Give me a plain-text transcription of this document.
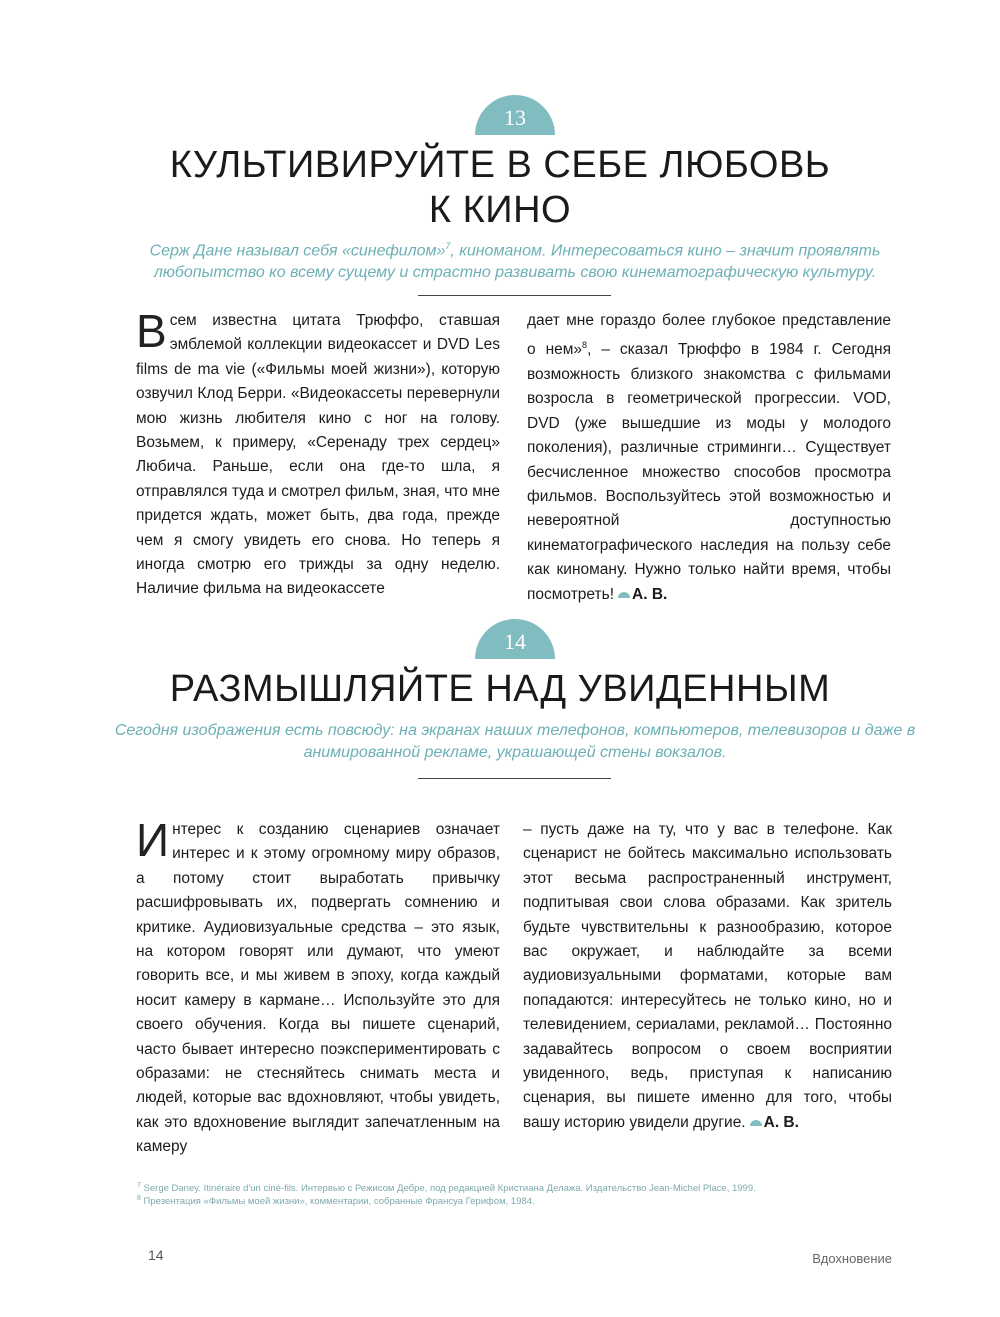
13
КУЛЬТИВИРУЙТЕ В СЕБЕ ЛЮБОВЬ
К КИНО

Серж Дане называл себя «синефилом»$^7$, киноманом. Интересоваться кино – значит проявлять любопытство ко всему сущему и страстно развивать свою кинематографическую культуру.

Всем известна цитата Трюффо, ставшая эмблемой коллекции видеокассет и DVD Les films de ma vie («Фильмы моей жизни»), которую озвучил Клод Берри. «Видеокассеты перевернули мою жизнь любителя кино с ног на голову. Возьмем, к примеру, «Серенаду трех сердец» Любича. Раньше, если она где-то шла, я отправлялся туда и смотрел фильм, зная, что мне придется ждать, может быть, два года, прежде чем я смогу увидеть его снова. Но теперь я иногда смотрю его трижды за одну неделю. Наличие фильма на видеокассете

дает мне гораздо более глубокое представление о нем»$^8$, – сказал Трюффо в 1984 г. Сегодня возможность близкого знакомства с фильмами возросла в геометрической прогрессии. VOD, DVD (уже вышедшие из моды у молодого поколения), различные стриминги… Существует бесчисленное множество способов просмотра фильмов. Воспользуйтесь этой возможностью и невероятной доступностью кинематографического наследия на пользу себе как киноману. Нужно только найти время, чтобы посмотреть! А. В.

14
РАЗМЫШЛЯЙТЕ НАД УВИДЕННЫМ

Сегодня изображения есть повсюду: на экранах наших телефонов, компьютеров, телевизоров и даже в анимированной рекламе, украшающей стены вокзалов.

Интерес к созданию сценариев означает интерес и к этому огромному миру образов, а потому стоит выработать привычку расшифровывать их, подвергать сомнению и критике. Аудиовизуальные средства – это язык, на котором говорят или думают, что умеют говорить все, и мы живем в эпоху, когда каждый носит камеру в кармане… Используйте это для своего обучения. Когда вы пишете сценарий, часто бывает интересно поэкспериментировать с образами: не стесняйтесь снимать места и людей, которые вас вдохновляют, чтобы увидеть, как это вдохновение выглядит запечатленным на камеру

– пусть даже на ту, что у вас в телефоне. Как сценарист не бойтесь максимально использовать этот весьма распространенный инструмент, подпитывая свои слова образами. Как зритель будьте чувствительны к разнообразию, которое вас окружает, и наблюдайте за всеми аудиовизуальными форматами, которые вам попадаются: интересуйтесь не только кино, но и телевидением, сериалами, рекламой… Постоянно задавайтесь вопросом о своем восприятии увиденного, ведь, приступая к написанию сценария, вы пишете именно для того, чтобы вашу историю увидели другие. А. В.

$^7$ Serge Daney. Itinéraire d'un ciné-fils. Интервью с Режисом Дебре, под редакцией Кристиана Делажа. Издательство Jean-Michel Place, 1999.

$^8$ Презентация «Фильмы моей жизни», комментарии, собранные Франсуа Герифом, 1984.

14	Вдохновение
